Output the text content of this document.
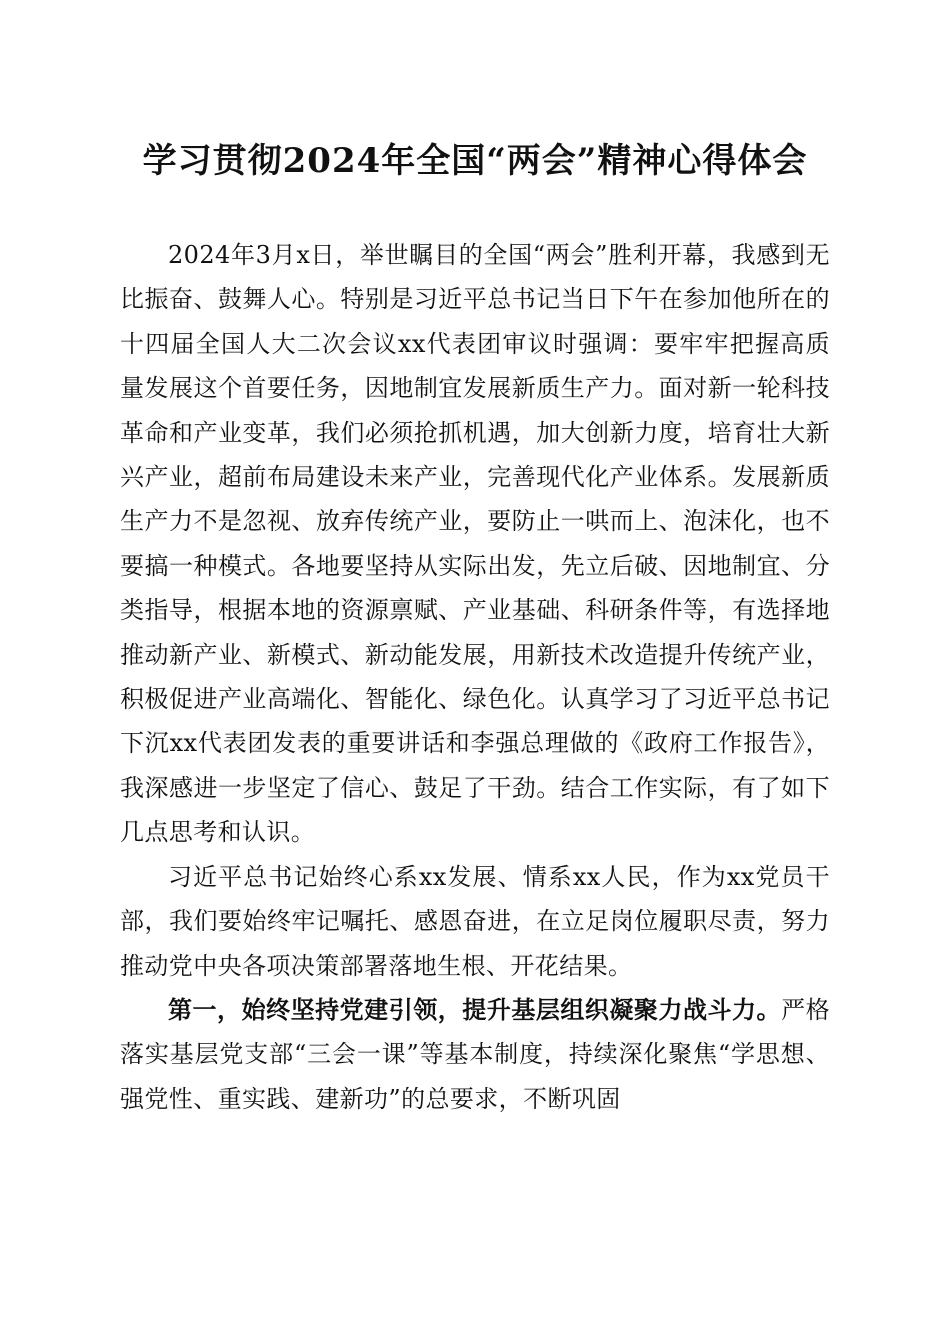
学习贯彻2024年全国“两会”精神心得体会

2024年3月x日，举世瞩目的全国“两会”胜利开幕，我感到无比振奋、鼓舞人心。特别是习近平总书记当日下午在参加他所在的十四届全国人大二次会议xx代表团审议时强调：要牢牢把握高质量发展这个首要任务，因地制宜发展新质生产力。面对新一轮科技革命和产业变革，我们必须抢抓机遇，加大创新力度，培育壮大新兴产业，超前布局建设未来产业，完善现代化产业体系。发展新质生产力不是忽视、放弃传统产业，要防止一哄而上、泡沫化，也不要搞一种模式。各地要坚持从实际出发，先立后破、因地制宜、分类指导，根据本地的资源禀赋、产业基础、科研条件等，有选择地推动新产业、新模式、新动能发展，用新技术改造提升传统产业，积极促进产业高端化、智能化、绿色化。认真学习了习近平总书记下沉xx代表团发表的重要讲话和李强总理做的《政府工作报告》，我深感进一步坚定了信心、鼓足了干劲。结合工作实际，有了如下几点思考和认识。

习近平总书记始终心系xx发展、情系xx人民，作为xx党员干部，我们要始终牢记嘱托、感恩奋进，在立足岗位履职尽责，努力推动党中央各项决策部署落地生根、开花结果。

第一，始终坚持党建引领，提升基层组织凝聚力战斗力。严格落实基层党支部“三会一课”等基本制度，持续深化聚焦“学思想、强党性、重实践、建新功”的总要求，不断巩固
